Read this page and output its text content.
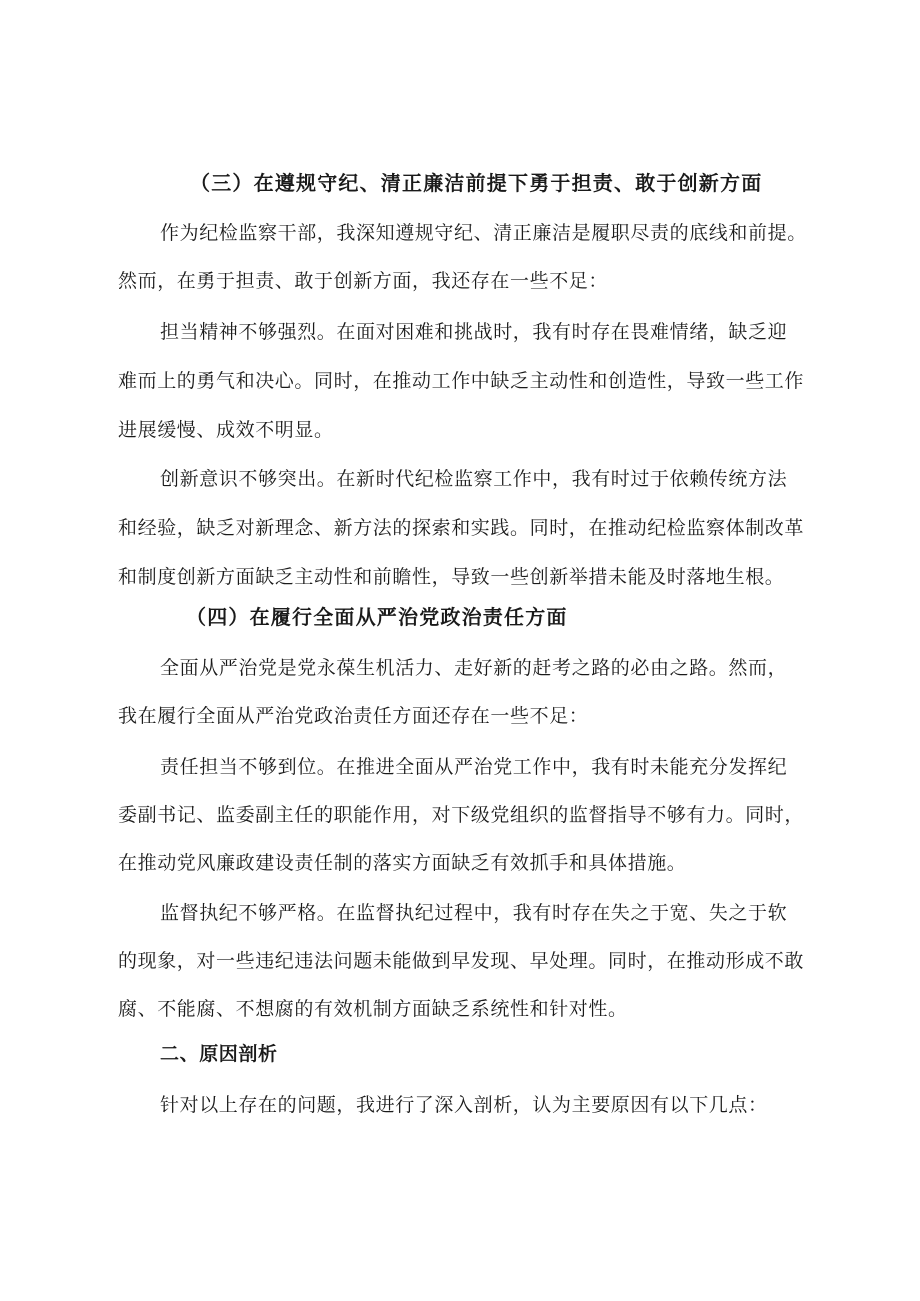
（三）在遵规守纪、清正廉洁前提下勇于担责、敢于创新方面
作为纪检监察干部，我深知遵规守纪、清正廉洁是履职尽责的底线和前提。
然而，在勇于担责、敢于创新方面，我还存在一些不足：
担当精神不够强烈。在面对困难和挑战时，我有时存在畏难情绪，缺乏迎
难而上的勇气和决心。同时，在推动工作中缺乏主动性和创造性，导致一些工作
进展缓慢、成效不明显。
创新意识不够突出。在新时代纪检监察工作中，我有时过于依赖传统方法
和经验，缺乏对新理念、新方法的探索和实践。同时，在推动纪检监察体制改革
和制度创新方面缺乏主动性和前瞻性，导致一些创新举措未能及时落地生根。
（四）在履行全面从严治党政治责任方面
全面从严治党是党永葆生机活力、走好新的赶考之路的必由之路。然而，
我在履行全面从严治党政治责任方面还存在一些不足：
责任担当不够到位。在推进全面从严治党工作中，我有时未能充分发挥纪
委副书记、监委副主任的职能作用，对下级党组织的监督指导不够有力。同时，
在推动党风廉政建设责任制的落实方面缺乏有效抓手和具体措施。
监督执纪不够严格。在监督执纪过程中，我有时存在失之于宽、失之于软
的现象，对一些违纪违法问题未能做到早发现、早处理。同时，在推动形成不敢
腐、不能腐、不想腐的有效机制方面缺乏系统性和针对性。
二、原因剖析
针对以上存在的问题，我进行了深入剖析，认为主要原因有以下几点：
